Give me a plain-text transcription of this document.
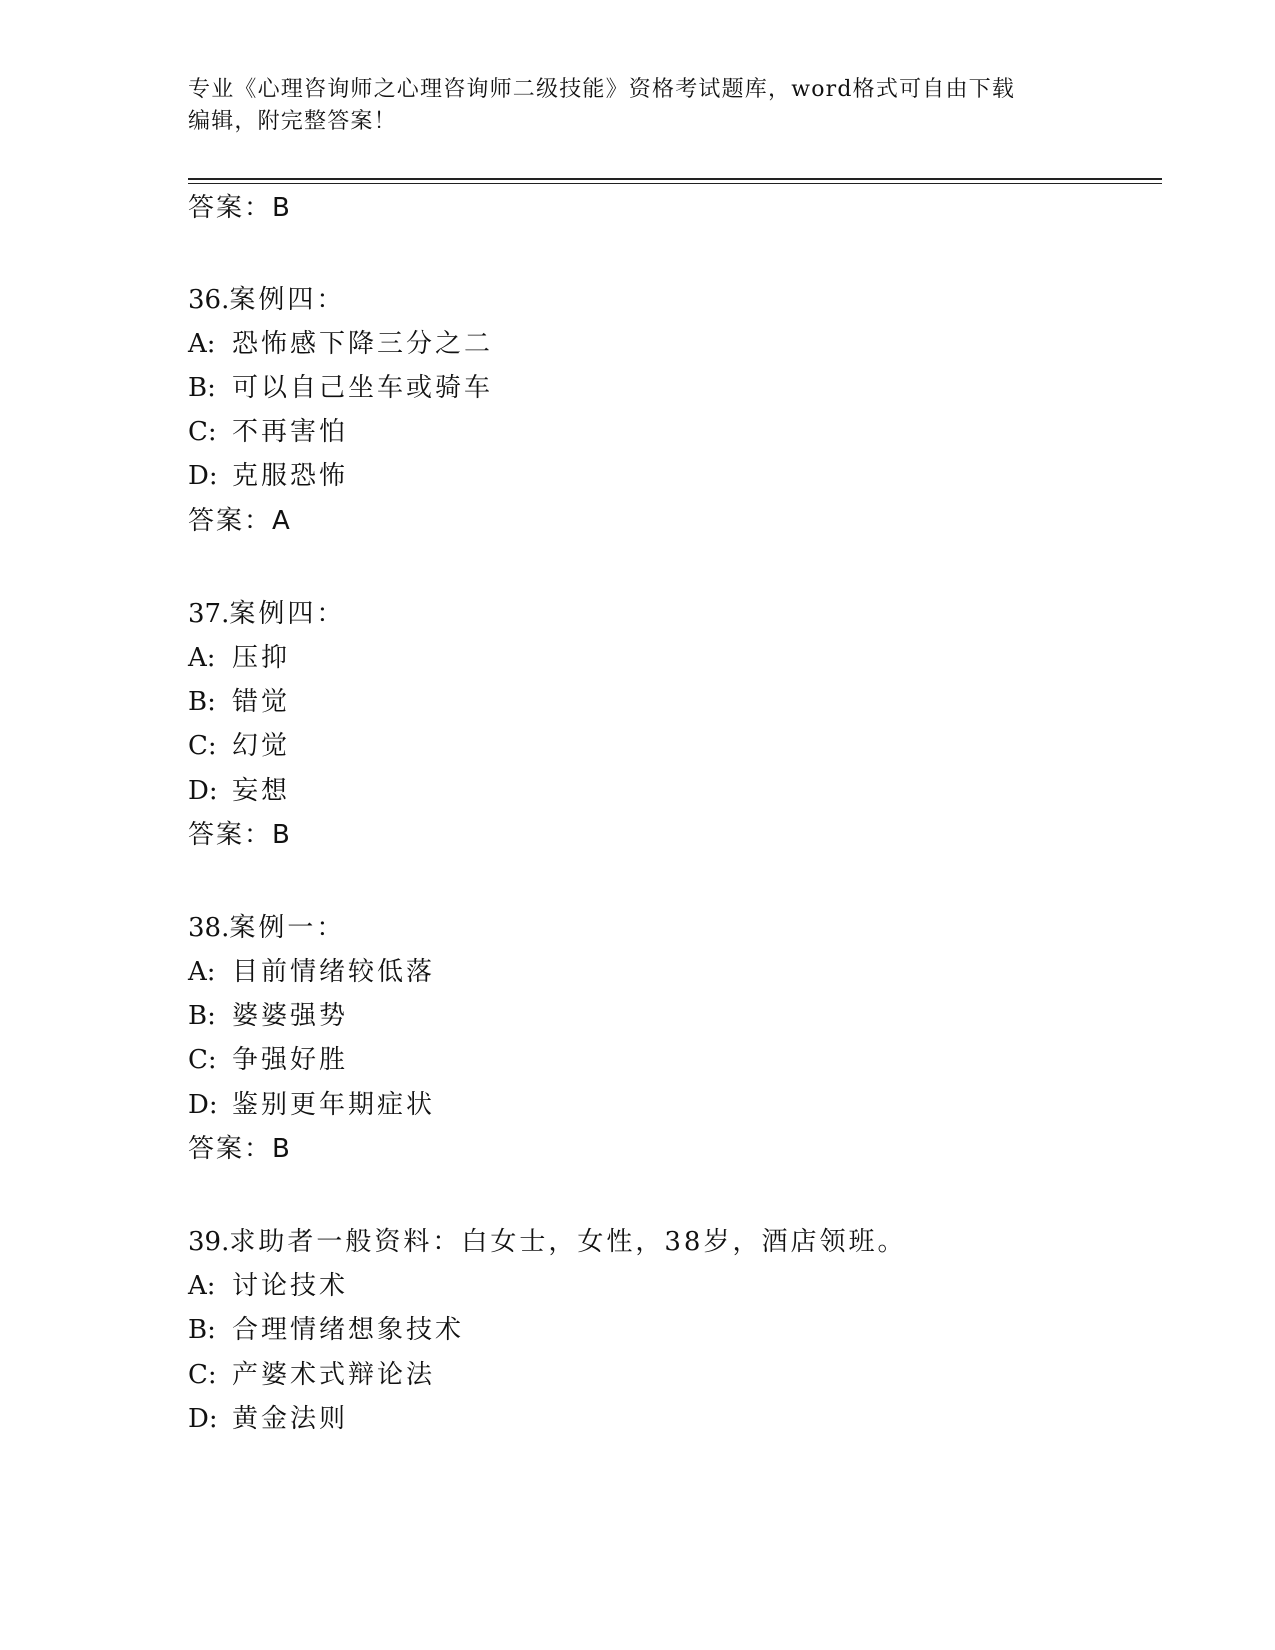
专业《心理咨询师之心理咨询师二级技能》资格考试题库，word格式可自由下载
编辑，附完整答案！
答案：B
36.案例四：
A: 恐怖感下降三分之二
B: 可以自己坐车或骑车
C: 不再害怕
D: 克服恐怖
答案：A
37.案例四：
A: 压抑
B: 错觉
C: 幻觉
D: 妄想
答案：B
38.案例一：
A: 目前情绪较低落
B: 婆婆强势
C: 争强好胜
D: 鉴别更年期症状
答案：B
39.求助者一般资料：白女士，女性，38岁，酒店领班。
A: 讨论技术
B: 合理情绪想象技术
C: 产婆术式辩论法
D: 黄金法则
